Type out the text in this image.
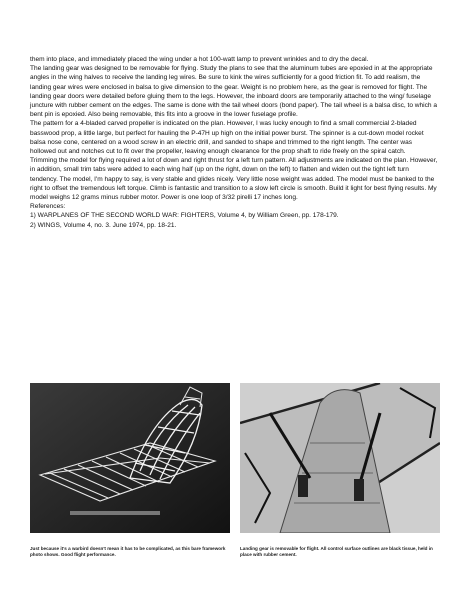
them into place, and immediately placed the wing under a hot 100-watt lamp to prevent wrinkles and to dry the decal.

The landing gear was designed to be removable for flying. Study the plans to see that the aluminum tubes are epoxied in at the appropriate angles in the wing halves to receive the landing leg wires. Be sure to kink the wires sufficiently for a good friction fit. To add realism, the landing gear wires were enclosed in balsa to give dimension to the gear. Weight is no problem here, as the gear is removed for flight. The landing gear doors were detailed before gluing them to the legs. However, the inboard doors are temporarily attached to the wing/ fuselage juncture with rubber cement on the edges. The same is done with the tail wheel doors (bond paper). The tail wheel is a balsa disc, to which a bent pin is epoxied. Also being removable, this fits into a groove in the lower fuselage profile.

The pattern for a 4-bladed carved propeller is indicated on the plan. However, I was lucky enough to find a small commercial 2-bladed basswood prop, a little large, but perfect for hauling the P-47H up high on the initial power burst. The spinner is a cut-down model rocket balsa nose cone, centered on a wood screw in an electric drill, and sanded to shape and trimmed to the right length. The center was hollowed out and notches cut to fit over the propeller, leaving enough clearance for the prop shaft to ride freely on the spiral catch.

Trimming the model for flying required a lot of down and right thrust for a left turn pattern. All adjustments are indicated on the plan. However, in addition, small trim tabs were added to each wing half (up on the right, down on the left) to flatten and widen out the tight left turn tendency. The model, I'm happy to say, is very stable and glides nicely. Very little nose weight was added. The model must be banked to the right to offset the tremendous left torque. Climb is fantastic and transition to a slow left circle is smooth. Build it light for best flying results. My model weighs 12 grams minus rubber motor. Power is one loop of 3/32 pirelli 17 inches long.

References:

1) WARPLANES OF THE SECOND WORLD WAR: FIGHTERS, Volume 4, by William Green, pp. 178-179.

2) WINGS, Volume 4, no. 3. June 1974, pp. 18-21.

Just because it's a warbird doesn't mean it has to be complicated, as this bare framework photo shows. Good flight performance.
Landing gear is removable for flight. All control surface outlines are black tissue, held in place with rubber cement.
